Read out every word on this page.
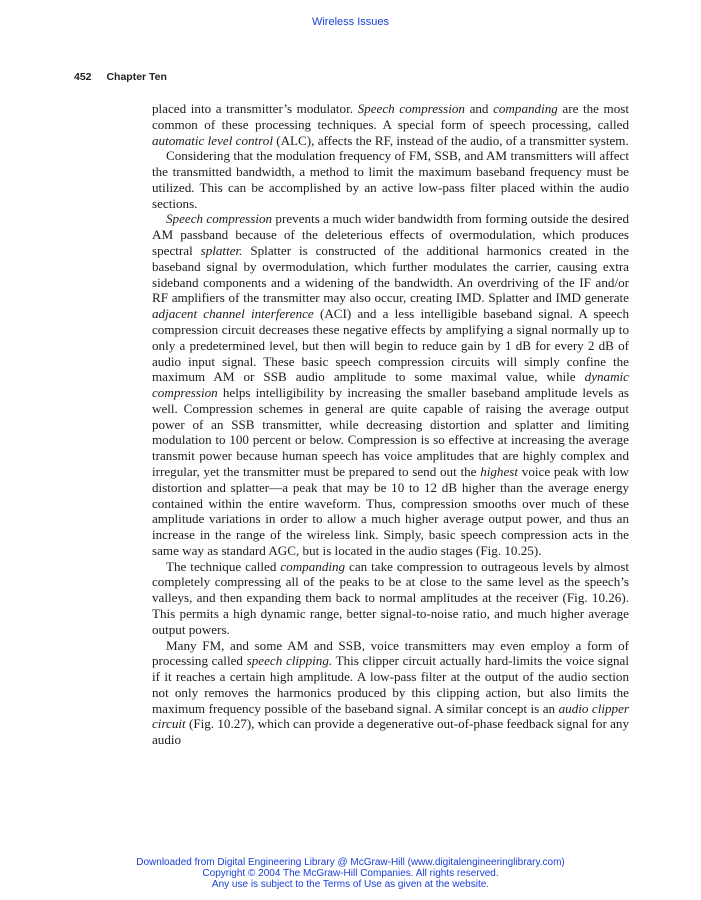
Wireless Issues
452 Chapter Ten

placed into a transmitter’s modulator. Speech compression and companding are the most common of these processing techniques. A special form of speech processing, called automatic level control (ALC), affects the RF, instead of the audio, of a transmitter system.

Considering that the modulation frequency of FM, SSB, and AM transmitters will affect the transmitted bandwidth, a method to limit the maximum baseband frequency must be utilized. This can be accomplished by an active low-pass filter placed within the audio sections.

Speech compression prevents a much wider bandwidth from forming outside the desired AM passband because of the deleterious effects of overmodulation, which produces spectral splatter. Splatter is constructed of the additional harmonics created in the baseband signal by overmodulation, which further modulates the carrier, causing extra sideband components and a widening of the bandwidth. An overdriving of the IF and/or RF amplifiers of the transmitter may also occur, creating IMD. Splatter and IMD generate adjacent channel interference (ACI) and a less intelligible baseband signal. A speech compression circuit decreases these negative effects by amplifying a signal normally up to only a predetermined level, but then will begin to reduce gain by 1 dB for every 2 dB of audio input signal. These basic speech compression circuits will simply confine the maximum AM or SSB audio amplitude to some maximal value, while dynamic compression helps intelligibility by increasing the smaller baseband amplitude levels as well. Compression schemes in general are quite capable of raising the average output power of an SSB transmitter, while decreasing distortion and splatter and limiting modulation to 100 percent or below. Compression is so effective at increasing the average transmit power because human speech has voice amplitudes that are highly complex and irregular, yet the transmitter must be prepared to send out the highest voice peak with low distortion and splatter—a peak that may be 10 to 12 dB higher than the average energy contained within the entire waveform. Thus, compression smooths over much of these amplitude variations in order to allow a much higher average output power, and thus an increase in the range of the wireless link. Simply, basic speech compression acts in the same way as standard AGC, but is located in the audio stages (Fig. 10.25).

The technique called companding can take compression to outrageous levels by almost completely compressing all of the peaks to be at close to the same level as the speech’s valleys, and then expanding them back to normal amplitudes at the receiver (Fig. 10.26). This permits a high dynamic range, better signal-to-noise ratio, and much higher average output powers.

Many FM, and some AM and SSB, voice transmitters may even employ a form of processing called speech clipping. This clipper circuit actually hard-limits the voice signal if it reaches a certain high amplitude. A low-pass filter at the output of the audio section not only removes the harmonics produced by this clipping action, but also limits the maximum frequency possible of the baseband signal. A similar concept is an audio clipper circuit (Fig. 10.27), which can provide a degenerative out-of-phase feedback signal for any audio

Downloaded from Digital Engineering Library @ McGraw-Hill (www.digitalengineeringlibrary.com)
Copyright © 2004 The McGraw-Hill Companies. All rights reserved.
Any use is subject to the Terms of Use as given at the website.
